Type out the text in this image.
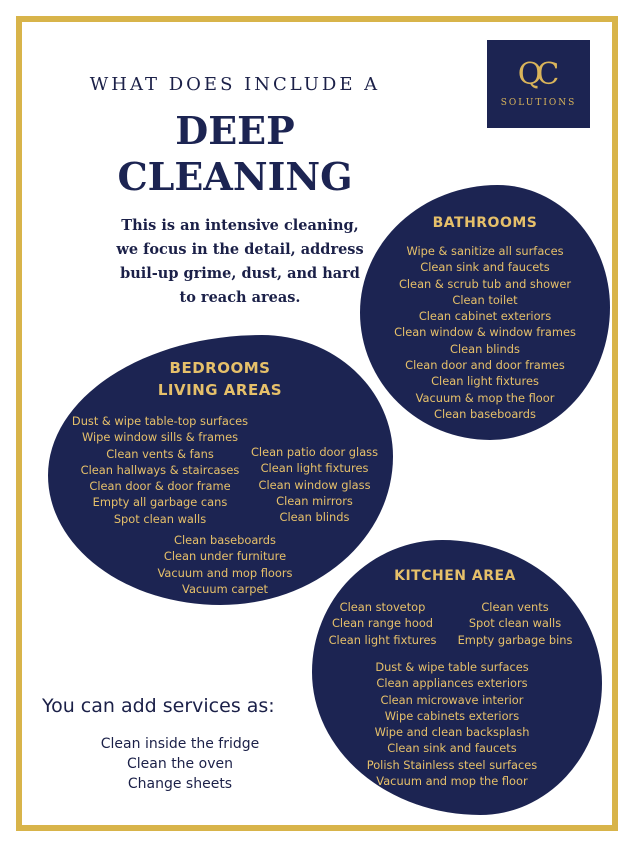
QC
SOLUTIONS
WHAT DOES INCLUDE A
DEEP
CLEANING
This is an intensive cleaning,
we focus in the detail, address
buil-up grime, dust, and hard
to reach areas.
BATHROOMS
Wipe & sanitize all surfaces
Clean sink and faucets
Clean & scrub tub and shower
Clean toilet
Clean cabinet exteriors
Clean window & window frames
Clean blinds
Clean door and door frames
Clean light fixtures
Vacuum & mop the floor
Clean baseboards
BEDROOMS
LIVING AREAS
Dust & wipe table-top surfaces
Wipe window sills & frames
Clean vents & fans
Clean hallways & staircases
Clean door & door frame
Empty all garbage cans
Spot clean walls
Clean patio door glass
Clean light fixtures
Clean window glass
Clean mirrors
Clean blinds
Clean baseboards
Clean under furniture
Vacuum and mop floors
Vacuum carpet
KITCHEN AREA
Clean stovetop
Clean range hood
Clean light fixtures
Clean vents
Spot clean walls
Empty garbage bins
Dust & wipe table surfaces
Clean appliances exteriors
Clean microwave interior
Wipe cabinets exteriors
Wipe and clean backsplash
Clean sink and faucets
Polish Stainless steel surfaces
Vacuum and mop the floor
You can add services as:
Clean inside the fridge
Clean the oven
Change sheets
